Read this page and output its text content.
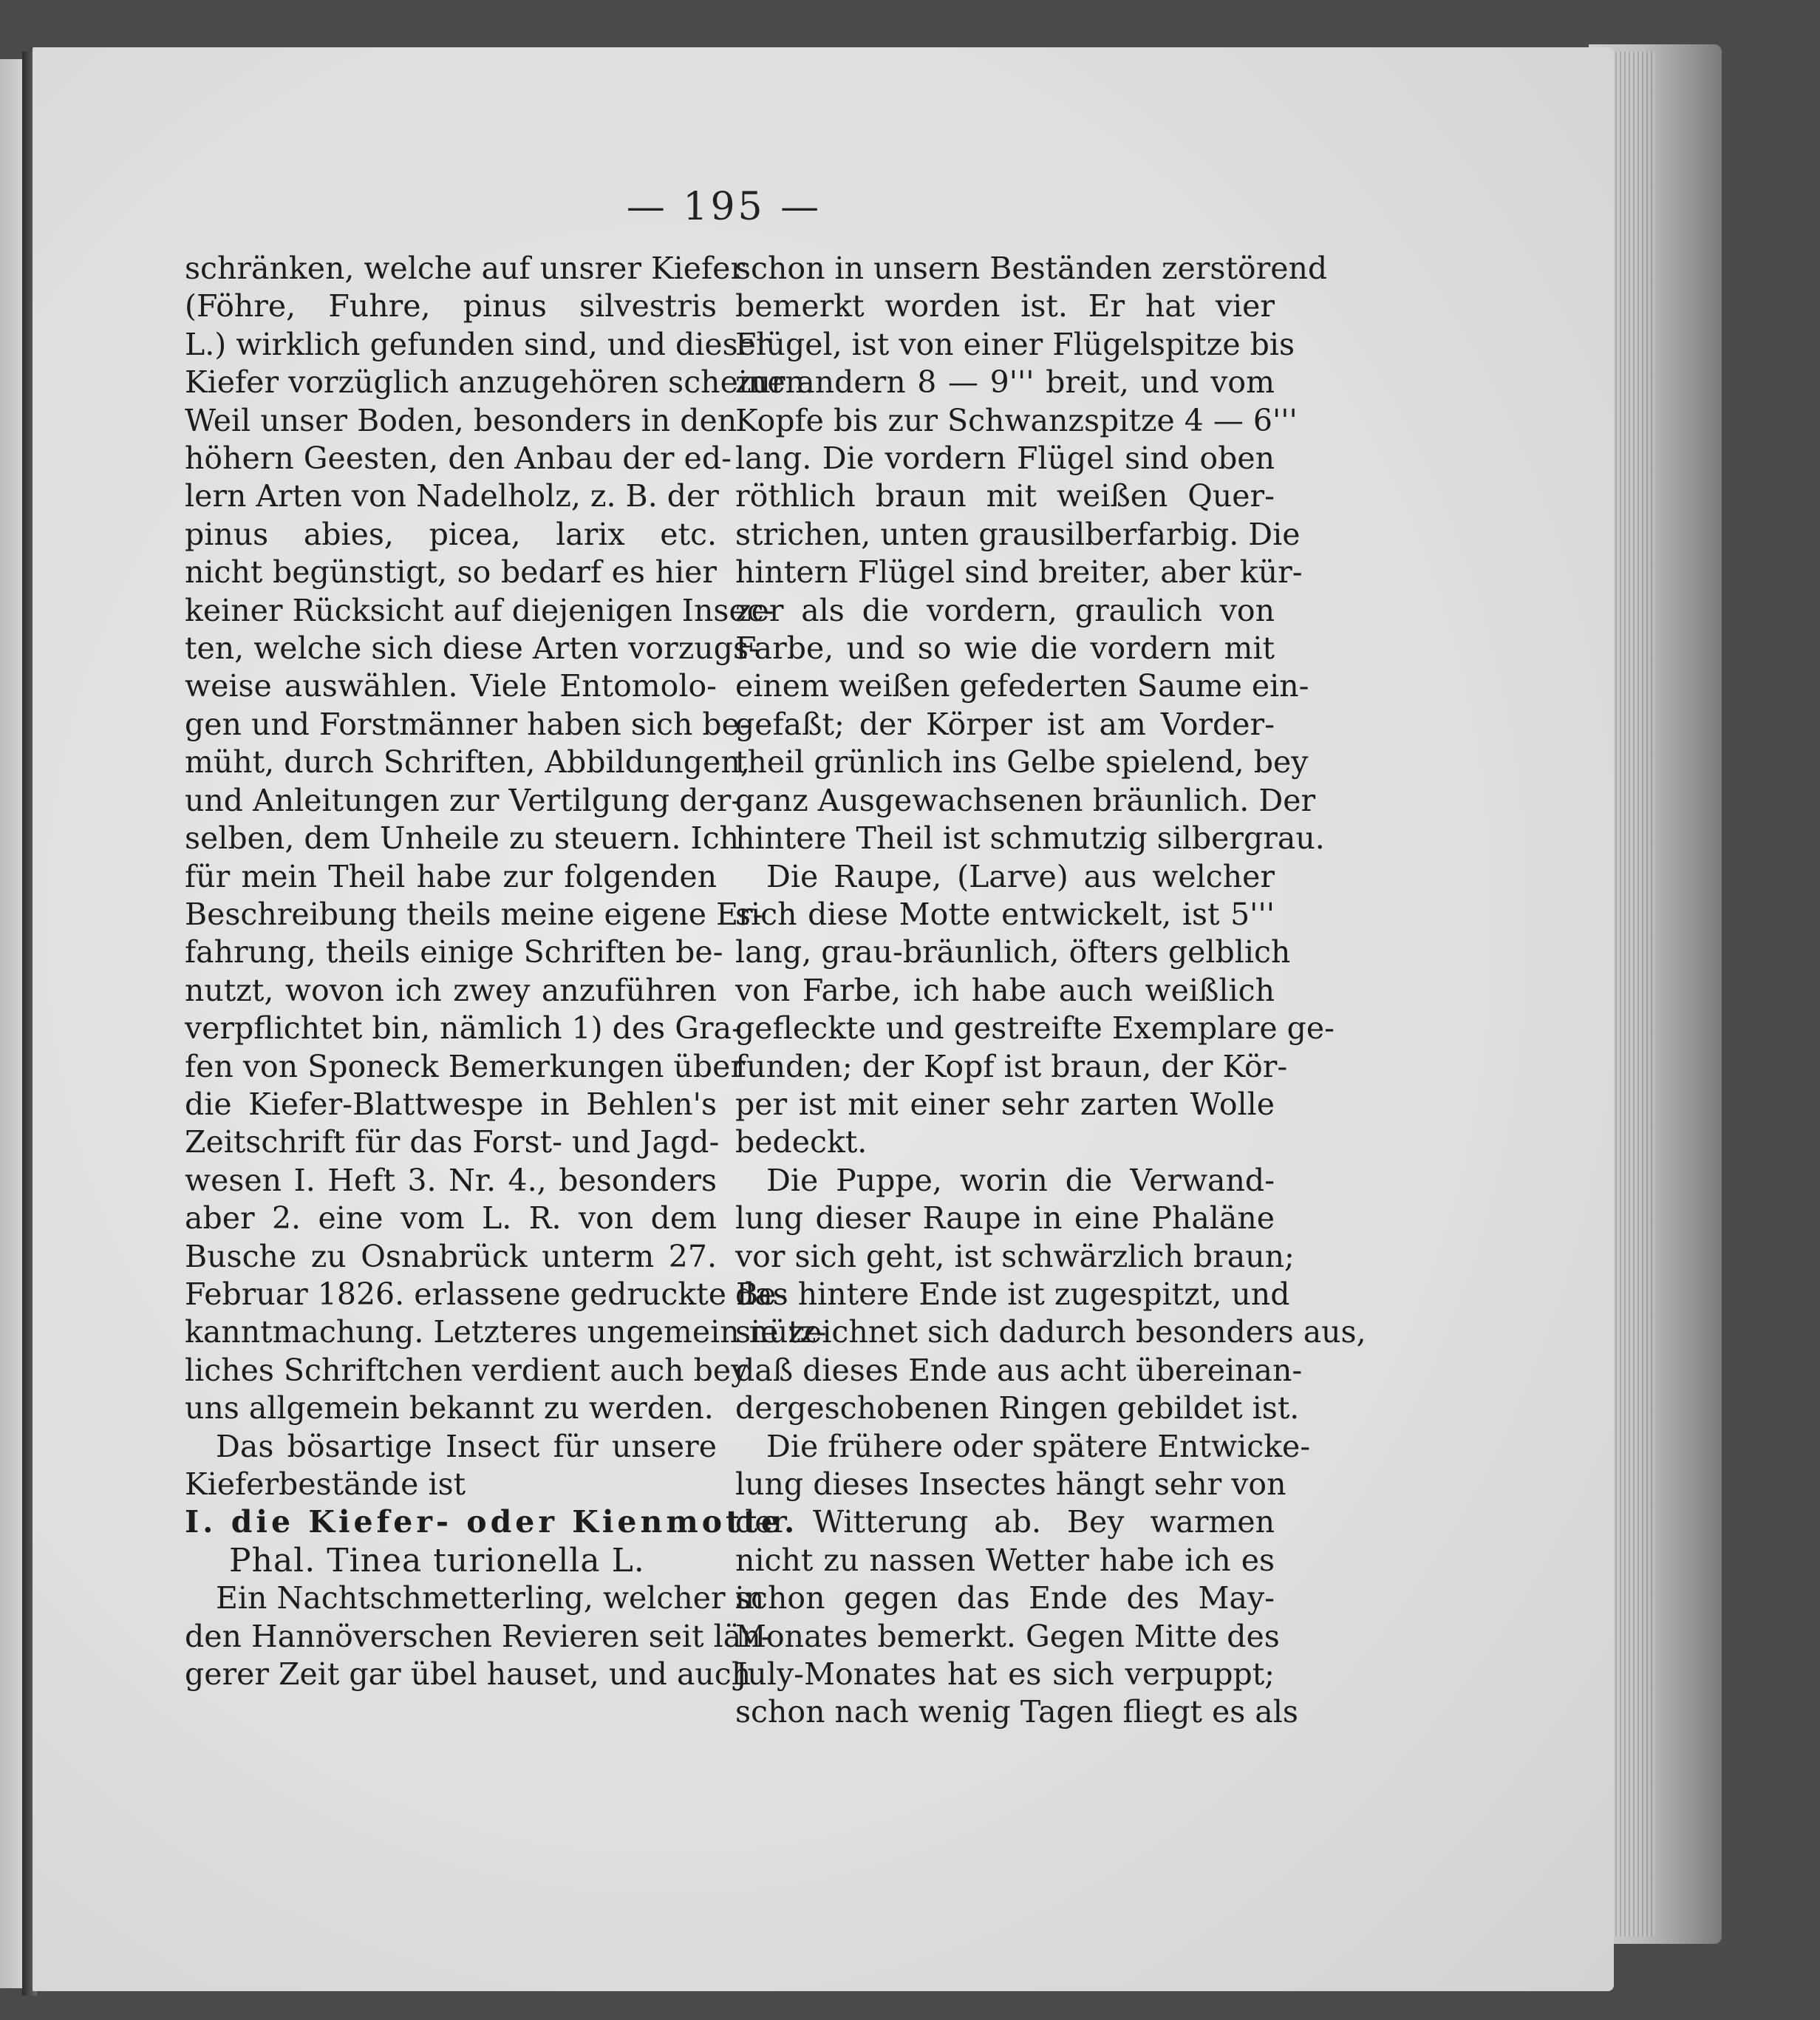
— 195 —
schränken, welche auf unsrer Kiefer
(Föhre, Fuhre, pinus silvestris
L.) wirklich gefunden sind, und dieser
Kiefer vorzüglich anzugehören scheinen.
Weil unser Boden, besonders in den
höhern Geesten, den Anbau der ed-
lern Arten von Nadelholz, z. B. der
pinus abies, picea, larix etc.
nicht begünstigt, so bedarf es hier
keiner Rücksicht auf diejenigen Insec-
ten, welche sich diese Arten vorzugs-
weise auswählen. Viele Entomolo-
gen und Forstmänner haben sich be-
müht, durch Schriften, Abbildungen,
und Anleitungen zur Vertilgung der-
selben, dem Unheile zu steuern. Ich
für mein Theil habe zur folgenden
Beschreibung theils meine eigene Er-
fahrung, theils einige Schriften be-
nutzt, wovon ich zwey anzuführen
verpflichtet bin, nämlich 1) des Gra-
fen von Sponeck Bemerkungen über
die Kiefer-Blattwespe in Behlen's
Zeitschrift für das Forst- und Jagd-
wesen I. Heft 3. Nr. 4., besonders
aber 2. eine vom L. R. von dem
Busche zu Osnabrück unterm 27.
Februar 1826. erlassene gedruckte Be-
kanntmachung. Letzteres ungemein nütz-
liches Schriftchen verdient auch bey
uns allgemein bekannt zu werden.
Das bösartige Insect für unsere
Kieferbestände ist
I. die Kiefer- oder Kienmotte.
Phal. Tinea turionella L.
Ein Nachtschmetterling, welcher in
den Hannöverschen Revieren seit län-
gerer Zeit gar übel hauset, und auch
schon in unsern Beständen zerstörend
bemerkt worden ist. Er hat vier
Flügel, ist von einer Flügelspitze bis
zur andern 8 — 9''' breit, und vom
Kopfe bis zur Schwanzspitze 4 — 6'''
lang. Die vordern Flügel sind oben
röthlich braun mit weißen Quer-
strichen, unten grausilberfarbig. Die
hintern Flügel sind breiter, aber kür-
zer als die vordern, graulich von
Farbe, und so wie die vordern mit
einem weißen gefederten Saume ein-
gefaßt; der Körper ist am Vorder-
theil grünlich ins Gelbe spielend, bey
ganz Ausgewachsenen bräunlich. Der
hintere Theil ist schmutzig silbergrau.
Die Raupe, (Larve) aus welcher
sich diese Motte entwickelt, ist 5'''
lang, grau-bräunlich, öfters gelblich
von Farbe, ich habe auch weißlich
gefleckte und gestreifte Exemplare ge-
funden; der Kopf ist braun, der Kör-
per ist mit einer sehr zarten Wolle
bedeckt.
Die Puppe, worin die Verwand-
lung dieser Raupe in eine Phaläne
vor sich geht, ist schwärzlich braun;
das hintere Ende ist zugespitzt, und
sie zeichnet sich dadurch besonders aus,
daß dieses Ende aus acht übereinan-
dergeschobenen Ringen gebildet ist.
Die frühere oder spätere Entwicke-
lung dieses Insectes hängt sehr von
der Witterung ab. Bey warmen
nicht zu nassen Wetter habe ich es
schon gegen das Ende des May-
Monates bemerkt. Gegen Mitte des
July-Monates hat es sich verpuppt;
schon nach wenig Tagen fliegt es als
